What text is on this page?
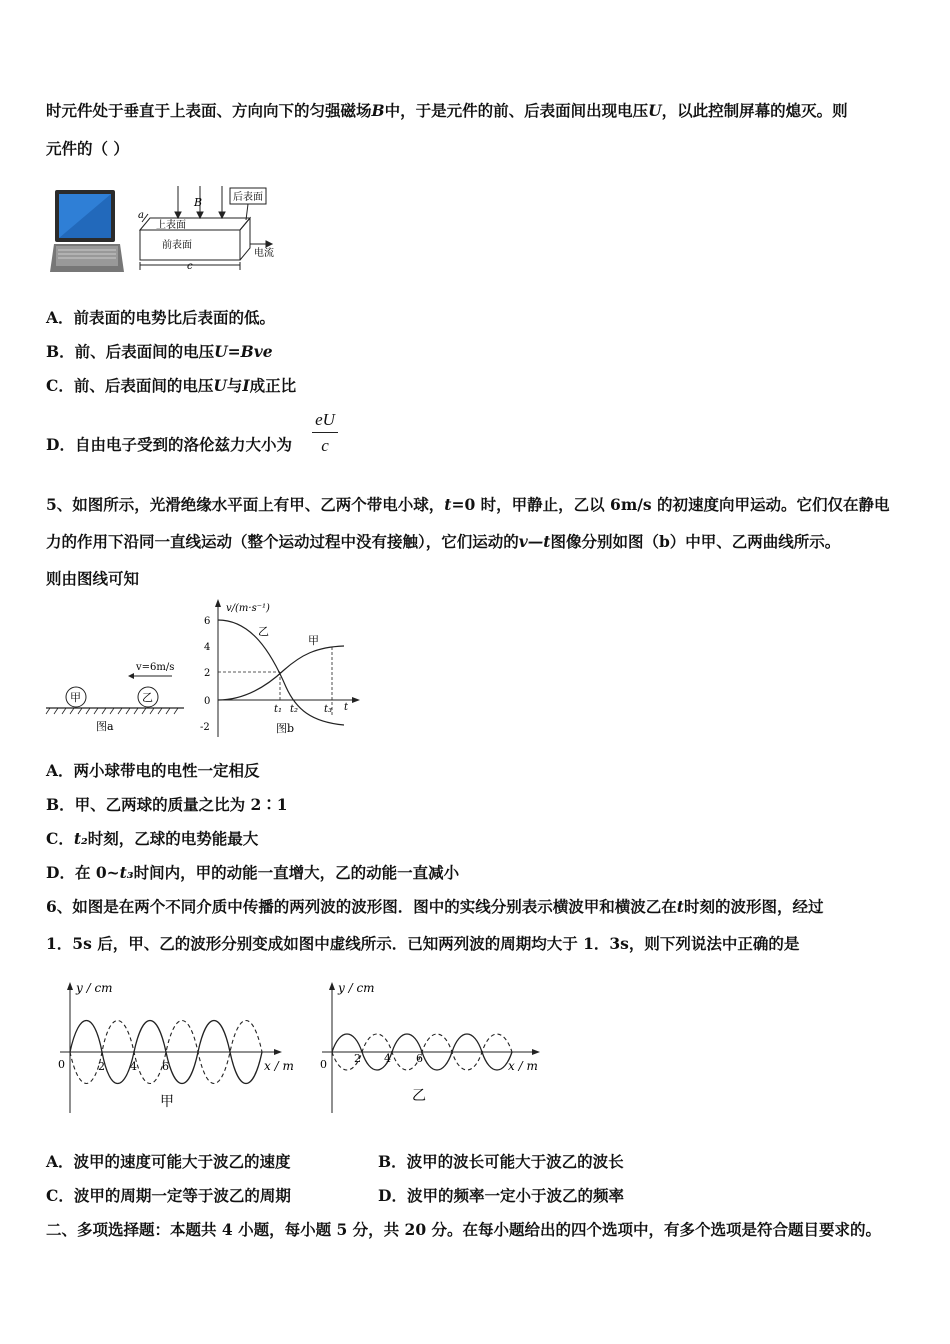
时元件处于垂直于上表面、方向向下的匀强磁场B中，于是元件的前、后表面间出现电压U，以此控制屏幕的熄灭。则
元件的（ ）
B	后表面
a
上表面
前表面
电流
c
A．前表面的电势比后表面的低。
B．前、后表面间的电压U=Bve
C．前、后表面间的电压U与I成正比
D．自由电子受到的洛伦兹力大小为
eU
c
5、如图所示，光滑绝缘水平面上有甲、乙两个带电小球，t=0 时，甲静止，乙以 6m/s 的初速度向甲运动。它们仅在静电
力的作用下沿同一直线运动（整个运动过程中没有接触），它们运动的v—t图像分别如图（b）中甲、乙两曲线所示。
则由图线可知
甲	乙
v=6m/s
图a
v/(m·s⁻¹)
6
4
2
0
-2
乙
甲
t₁ t₂	t₃ t
图b
A．两小球带电的电性一定相反
B．甲、乙两球的质量之比为 2∶1
C．t₂时刻，乙球的电势能最大
D．在 0~t₃时间内，甲的动能一直增大，乙的动能一直减小
6、如图是在两个不同介质中传播的两列波的波形图．图中的实线分别表示横波甲和横波乙在t时刻的波形图，经过
1．5s 后，甲、乙的波形分别变成如图中虚线所示．已知两列波的周期均大于 1．3s，则下列说法中正确的是
y / cm
x / m
0	2 4 6
甲
y / cm
x / m
0 2 4 6
乙
A．波甲的速度可能大于波乙的速度	B．波甲的波长可能大于波乙的波长
C．波甲的周期一定等于波乙的周期	D．波甲的频率一定小于波乙的频率
二、多项选择题：本题共 4 小题，每小题 5 分，共 20 分。在每小题给出的四个选项中，有多个选项是符合题目要求的。
